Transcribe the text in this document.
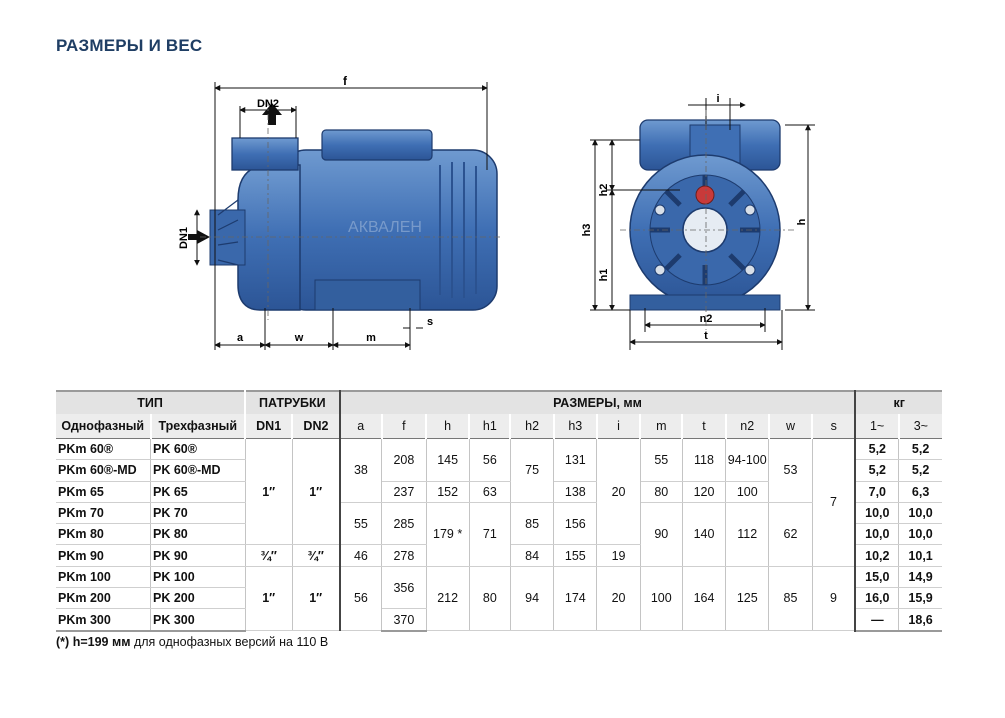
РАЗМЕРЫ И ВЕС
f
DN2
DN1
a	w	m
s
АКВАЛЕН
i
h
h2
h1
h3
n2
t
ТИП		ПАТРУБКИ		РАЗМЕРЫ, мм												кг	
Однофазный	Трехфазный	DN1	DN2	a	f	h	h1	h2	h3	i	m	t	n2	w	s	1~	3~
PKm 60®	PK 60®	1″	1″	38	208	145	56	75	131	20	55	118	94-100	53	7	5,2	5,2
PKm 60®-MD	PK 60®-MD															5,2	5,2
PKm 65	PK 65				237	152	63		138		80	120	100			7,0	6,3
PKm 70	PK 70			55	285	179 *	71	85	156		90	140	112	62		10,0	10,0
PKm 80	PK 80															10,0	10,0
PKm 90	PK 90	¾″	¾″	46	278			84	155	19						10,2	10,1
PKm 100	PK 100	1″	1″	56	356	212	80	94	174	20	100	164	125	85	9	15,0	14,9
PKm 200	PK 200															16,0	15,9
PKm 300	PK 300				370											—	18,6
(*) h=199 мм для однофазных версий на 110 В
